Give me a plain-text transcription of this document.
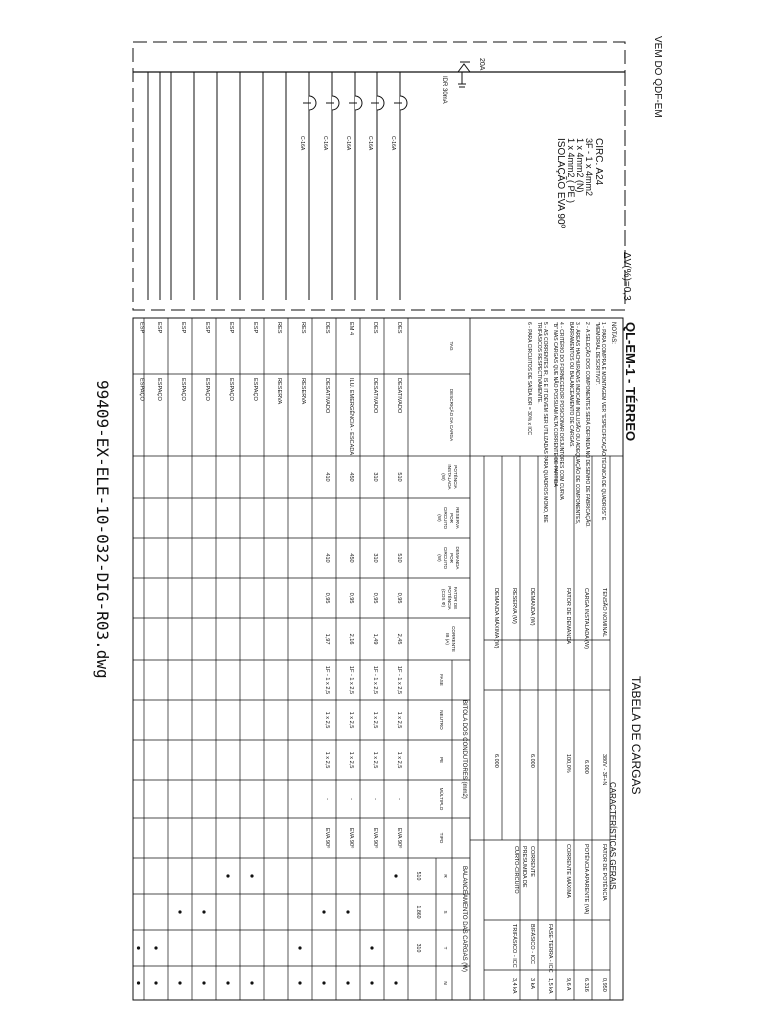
99409-EX-ELE-10-032-DIG-R03.dwg
VEM DO QDF-EM
ΔV(%)=0,3
CIRC. A24
3F - 1 x 4mm2
1 x 4mm2 (N)
1 x 4mm2 ( PE )
ISOLAÇÃO EVA 90º
20A
IDR 30mA
C-16A
C-16A
C-16A
C-16A
C-16A
QL-EM-1 - TÉRREO
TABELA DE CARGAS
CARACTERÍSTICAS GERAIS
NOTAS:
1 - PARA COMPRA E MONTAGEM VER "ESPECIFICAÇÃO TÉCNICA DE QUADROS" E
"MEMORIAL DESCRITIVO".
2 - A SELEÇÃO DOS COMPONENTES SERÁ DEFINIDA NO DESENHO DE FABRICAÇÃO.
3 - ÁREAS HACHURADAS INDICAM INCLUSÃO OU ADEQUAÇÃO DE COMPONENTES,
BARRAMENTOS OU BALANCEAMENTO DE CARGAS.
4 - CRITÉRIO DO FORNECEDOR POSICIONAR DISJUNTORES COM CURVA
"B" NAS CARGAS QUE NÃO POSSUAM ALTA CORRENTE DE PARTIDA
5 - AS CORRENTES IR, IS E IT DEVEM SER UTILIZADAS PARA QUADROS MONO, BIE
TRIFÁSICOS RESPECTIVAMENTE.
6 - PARA CIRCUITOS DE SAÍDA IDR = 30% x ICC
TENSÃO NOMINAL
380V - 3F+N
FATOR DE POTÊNCIA
0,950
CARGA INSTALADA (W)
6.000
POTÊNCIA APARENTE (VA)
6.316
FATOR DE DEMANDA
100,0%
CORRENTE MÁXIMA
9,6 A
DEMANDA (W)
6.000
RESERVA (W)
DEMANDA MÁXIMA (W)
6.000
CORRENTE
PRESUMIDA DE
CURTO-CIRCUITO
FASE-TERRA - ICC
1,5 kA
BIFÁSICO - ICC
3 kA
TRIFÁSICO - ICC
3,4 kA
BITOLA DOS CONDUTORES (mm2)
BALANCEAMENTO DAS CARGAS (W)
TAG
DESCRIÇÃO DA CARGA
POTÊNCIA
INSTALADA
(W)
RESERVA
POR
CIRCUITO
(W)
DEMANDA
POR
CIRCUITO
(W)
FATOR DE
POTÊNCIA
(COS Φ)
CORRENTE
IB (A)
FASE
NEUTRO
PE
MÚLTIPLO
TIPO
R
S
T
N
510
1.860
310
DES
DESATIVADO
510
510
0,95
2,45
1F - 1 x 2,5
1 x 2,5
1 x 2,5
-
EVA 90º
DES
DESATIVADO
310
310
0,95
1,49
1F - 1 x 2,5
1 x 2,5
1 x 2,5
-
EVA 90º
EM 4
ILU. EMERGÊNCIA - ESCADA
450
450
0,95
2,16
1F - 1 x 2,5
1 x 2,5
1 x 2,5
-
EVA 90º
DES
DESATIVADO
410
410
0,95
1,97
1F - 1 x 2,5
1 x 2,5
1 x 2,5
-
EVA 90º
RES
RESERVA
RES
RESERVA
ESP
ESPAÇO
ESP
ESPAÇO
ESP
ESPAÇO
ESP
ESPAÇO
ESP
ESPAÇO
ESP
ESPAÇO
